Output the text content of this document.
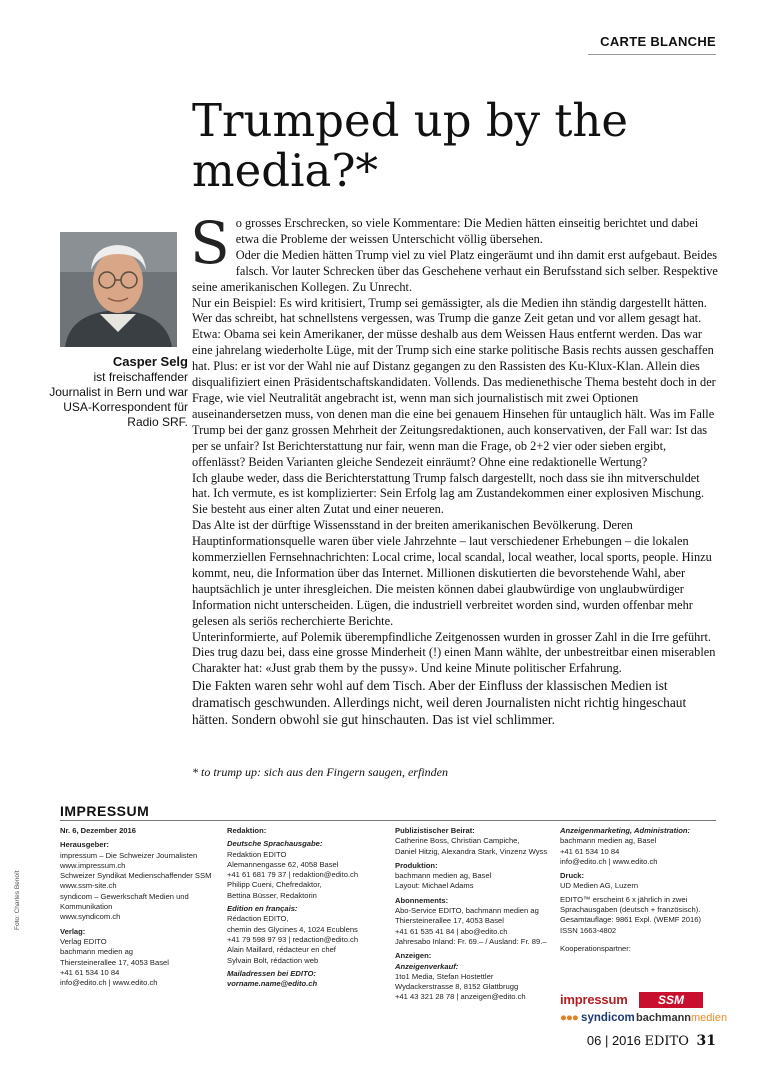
CARTE BLANCHE
Trumped up by the media?*
Casper Selg
ist freischaffender Journalist in Bern und war USA-Korrespondent für Radio SRF.

So grosses Erschrecken, so viele Kommentare: Die Medien hätten einseitig berichtet und dabei etwa die Probleme der weissen Unterschicht völlig übersehen.

Oder die Medien hätten Trump viel zu viel Platz eingeräumt und ihn damit erst aufgebaut. Beides falsch. Vor lauter Schrecken über das Geschehene verhaut ein Berufsstand sich selber. Respektive seine amerikanischen Kollegen. Zu Unrecht.

Nur ein Beispiel: Es wird kritisiert, Trump sei gemässigter, als die Medien ihn ständig dargestellt hätten. Wer das schreibt, hat schnellstens vergessen, was Trump die ganze Zeit getan und vor allem gesagt hat. Etwa: Obama sei kein Amerikaner, der müsse deshalb aus dem Weissen Haus entfernt werden. Das war eine jahrelang wiederholte Lüge, mit der Trump sich eine starke politische Basis rechts aussen geschaffen hat. Plus: er ist vor der Wahl nie auf Distanz gegangen zu den Rassisten des Ku-Klux-Klan. Allein dies disqualifiziert einen Präsidentschaftskandidaten. Vollends. Das medienethische Thema besteht doch in der Frage, wie viel Neutralität angebracht ist, wenn man sich journalistisch mit zwei Optionen auseinandersetzen muss, von denen man die eine bei genauem Hinsehen für untauglich hält. Was im Falle Trump bei der ganz grossen Mehrheit der Zeitungsredaktionen, auch konservativen, der Fall war: Ist das per se unfair? Ist Berichterstattung nur fair, wenn man die Frage, ob 2+2 vier oder sieben ergibt, offenlässt? Beiden Varianten gleiche Sendezeit einräumt? Ohne eine redaktionelle Wertung?

Ich glaube weder, dass die Berichterstattung Trump falsch dargestellt, noch dass sie ihn mitverschuldet hat. Ich vermute, es ist komplizierter: Sein Erfolg lag am Zustandekommen einer explosiven Mischung. Sie besteht aus einer alten Zutat und einer neueren.

Das Alte ist der dürftige Wissensstand in der breiten amerikanischen Bevölkerung. Deren Hauptinformationsquelle waren über viele Jahrzehnte – laut verschiedener Erhebungen – die lokalen kommerziellen Fernsehnachrichten: Local crime, local scandal, local weather, local sports, people. Hinzu kommt, neu, die Information über das Internet. Millionen diskutierten die bevorstehende Wahl, aber hauptsächlich je unter ihresgleichen. Die meisten können dabei glaubwürdige von unglaubwürdiger Information nicht unterscheiden. Lügen, die industriell verbreitet worden sind, wurden offenbar mehr gelesen als seriös recherchierte Berichte.

Unterinformierte, auf Polemik überempfindliche Zeitgenossen wurden in grosser Zahl in die Irre geführt. Dies trug dazu bei, dass eine grosse Minderheit (!) einen Mann wählte, der unbestreitbar einen miserablen Charakter hat: «Just grab them by the pussy». Und keine Minute politischer Erfahrung.

Die Fakten waren sehr wohl auf dem Tisch. Aber der Einfluss der klassischen Medien ist dramatisch geschwunden. Allerdings nicht, weil deren Journalisten nicht richtig hingeschaut hätten. Sondern obwohl sie gut hinschauten. Das ist viel schlimmer.

* to trump up: sich aus den Fingern saugen, erfinden
IMPRESSUM
Nr. 6, Dezember 2016
Herausgeber:
impressum – Die Schweizer Journalisten
www.impressum.ch
Schweizer Syndikat Medienschaffender SSM
www.ssm-site.ch
syndicom – Gewerkschaft Medien und
Kommunikation
www.syndicom.ch
Verlag:
Verlag EDITO
bachmann medien ag
Thiersteinerallee 17, 4053 Basel
+41 61 534 10 84
info@edito.ch | www.edito.ch
Redaktion:
Deutsche Sprachausgabe:
Redaktion EDITO
Alemannengasse 62, 4058 Basel
+41 61 681 79 37 | redaktion@edito.ch
Philipp Cueni, Chefredaktor,
Bettina Büsser, Redaktorin
Edition en français:
Rédaction EDITO,
chemin des Glycines 4, 1024 Ecublens
+41 79 598 97 93 | redaction@edito.ch
Alain Maillard, rédacteur en chef
Sylvain Bolt, rédaction web
Mailadressen bei EDITO:
vorname.name@edito.ch
Publizistischer Beirat:
Catherine Boss, Christian Campiche,
Daniel Hitzig, Alexandra Stark, Vinzenz Wyss
Produktion:
bachmann medien ag, Basel
Layout: Michael Adams
Abonnements:
Abo-Service EDITO, bachmann medien ag
Thiersteinerallee 17, 4053 Basel
+41 61 535 41 84 | abo@edito.ch
Jahresabo Inland: Fr. 69.– / Ausland: Fr. 89.–
Anzeigen:
Anzeigenverkauf:
1to1 Media, Stefan Hostettler
Wydackerstrasse 8, 8152 Glattbrugg
+41 43 321 28 78 | anzeigen@edito.ch
Anzeigenmarketing, Administration:
bachmann medien ag, Basel
+41 61 534 10 84
info@edito.ch | www.edito.ch
Druck:
UD Medien AG, Luzern
EDITO™ erscheint 6 x jährlich in zwei
Sprachausgaben (deutsch + französisch).
Gesamtauflage: 9861 Expl. (WEMF 2016)
ISSN 1663-4802
Kooperationspartner:
impressum	SSM
●●● syndicom bachmannmedien
Foto: Charles Benoît
06 | 2016 EDITO 31
